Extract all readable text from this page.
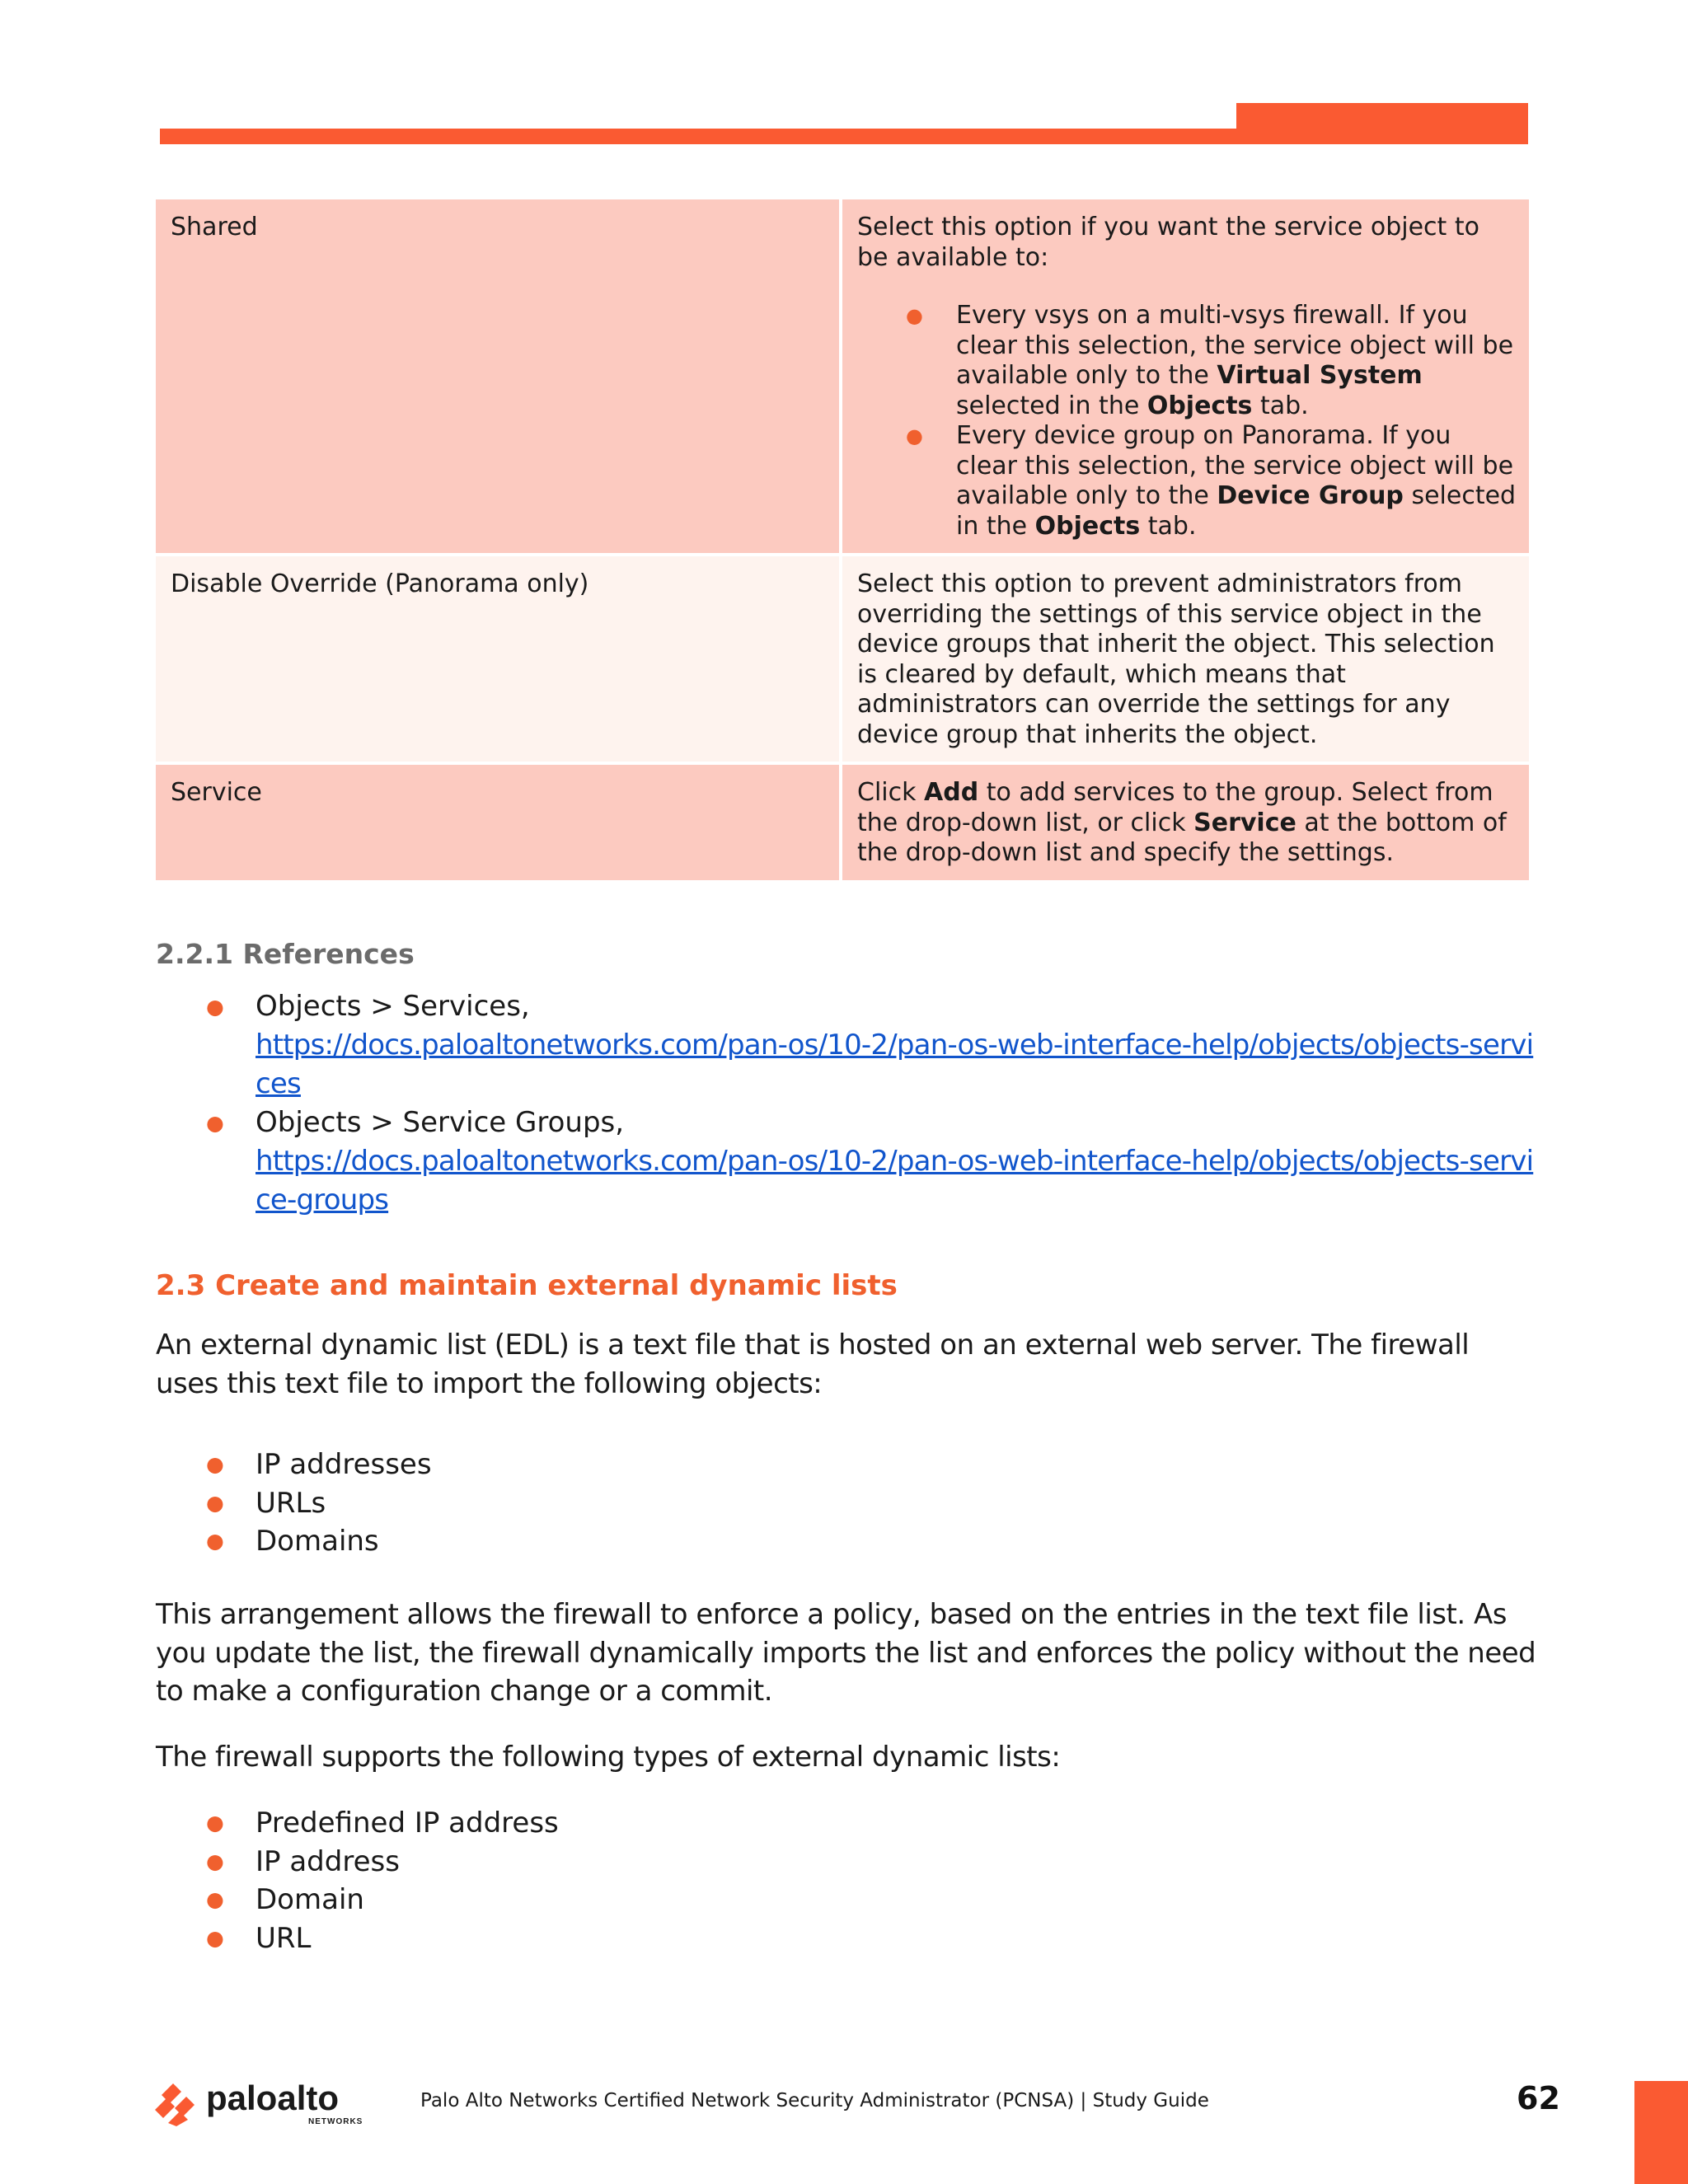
Shared	Select this option if you want the service object to be available to:
● Every vsys on a multi-vsys firewall. If you clear this selection, the service object will be available only to the Virtual System selected in the Objects tab.
● Every device group on Panorama. If you clear this selection, the service object will be available only to the Device Group selected in the Objects tab.
Disable Override (Panorama only)	Select this option to prevent administrators from overriding the settings of this service object in the device groups that inherit the object. This selection is cleared by default, which means that administrators can override the settings for any device group that inherits the object.
Service	Click Add to add services to the group. Select from the drop-down list, or click Service at the bottom of the drop-down list and specify the settings.
2.2.1 References
● Objects > Services,
https://docs.paloaltonetworks.com/pan-os/10-2/pan-os-web-interface-help/objects/objects-services
● Objects > Service Groups,
https://docs.paloaltonetworks.com/pan-os/10-2/pan-os-web-interface-help/objects/objects-service-groups
2.3 Create and maintain external dynamic lists

An external dynamic list (EDL) is a text file that is hosted on an external web server. The firewall uses this text file to import the following objects:

● IP addresses
● URLs
● Domains

This arrangement allows the firewall to enforce a policy, based on the entries in the text file list. As you update the list, the firewall dynamically imports the list and enforces the policy without the need to make a configuration change or a commit.

The firewall supports the following types of external dynamic lists:

● Predefined IP address
● IP address
● Domain
● URL
paloalto
NETWORKS
Palo Alto Networks Certified Network Security Administrator (PCNSA) | Study Guide	62
